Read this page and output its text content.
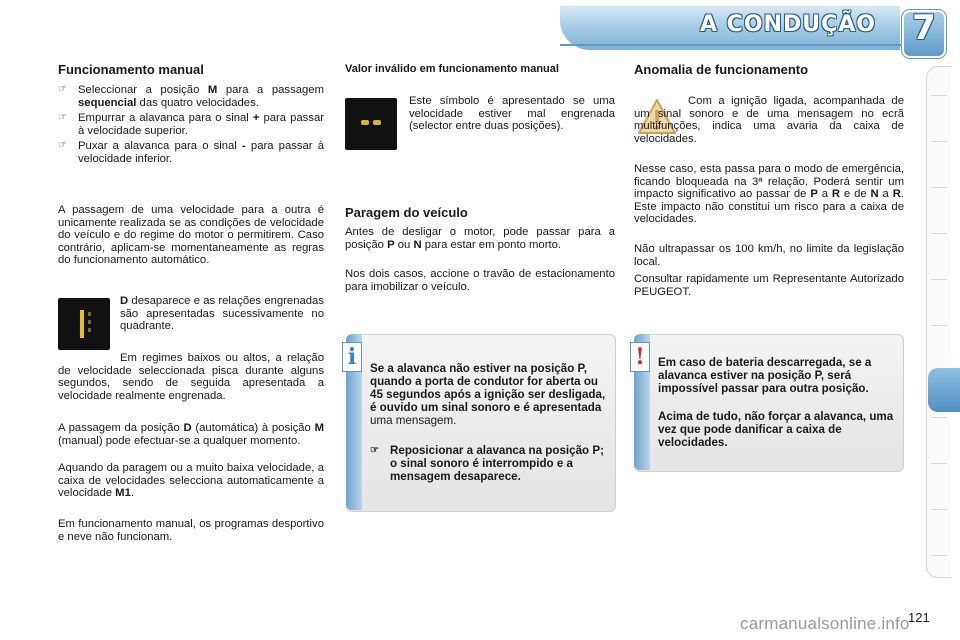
A CONDUÇÃO 7
Funcionamento manual
☞ Seleccionar a posição M para a passagem sequencial das quatro velocidades.
☞ Empurrar a alavanca para o sinal + para passar à velocidade superior.
☞ Puxar a alavanca para o sinal - para passar à velocidade inferior.
A passagem de uma velocidade para a outra é unicamente realizada se as condições de velocidade do veículo e do regime do motor o permitirem. Caso contrário, aplicam-se momentaneamente as regras do funcionamento automático.
D desaparece e as relações engrenadas são apresentadas sucessivamente no quadrante.
Em regimes baixos ou altos, a relação de velocidade seleccionada pisca durante alguns segundos, sendo de seguida apresentada a velocidade realmente engrenada.
A passagem da posição D (automática) à posição M (manual) pode efectuar-se a qualquer momento.
Aquando da paragem ou a muito baixa velocidade, a caixa de velocidades selecciona automaticamente a velocidade M1.
Em funcionamento manual, os programas desportivo e neve não funcionam.
Valor inválido em funcionamento manual
Este símbolo é apresentado se uma velocidade estiver mal engrenada (selector entre duas posições).
Paragem do veículo
Antes de desligar o motor, pode passar para a posição P ou N para estar em ponto morto.
Nos dois casos, accione o travão de estacionamento para imobilizar o veículo.
i	Se a alavanca não estiver na posição P, quando a porta de condutor for aberta ou 45 segundos após a ignição ser desligada, é ouvido um sinal sonoro e é apresentada uma mensagem.
☞ Reposicionar a alavanca na posição P; o sinal sonoro é interrompido e a mensagem desaparece.
Anomalia de funcionamento
Com a ignição ligada, acompanhada de um sinal sonoro e de uma mensagem no ecrã multifunções, indica uma avaria da caixa de velocidades.
Nesse caso, esta passa para o modo de emergência, ficando bloqueada na 3ª relação. Poderá sentir um impacto significativo ao passar de P a R e de N a R. Este impacto não constitui um risco para a caixa de velocidades.
Não ultrapassar os 100 km/h, no limite da legislação local.
Consultar rapidamente um Representante Autorizado PEUGEOT.
!	Em caso de bateria descarregada, se a alavanca estiver na posição P, será impossível passar para outra posição.
Acima de tudo, não forçar a alavanca, uma vez que pode danificar a caixa de velocidades.
121
carmanualsonline.info
